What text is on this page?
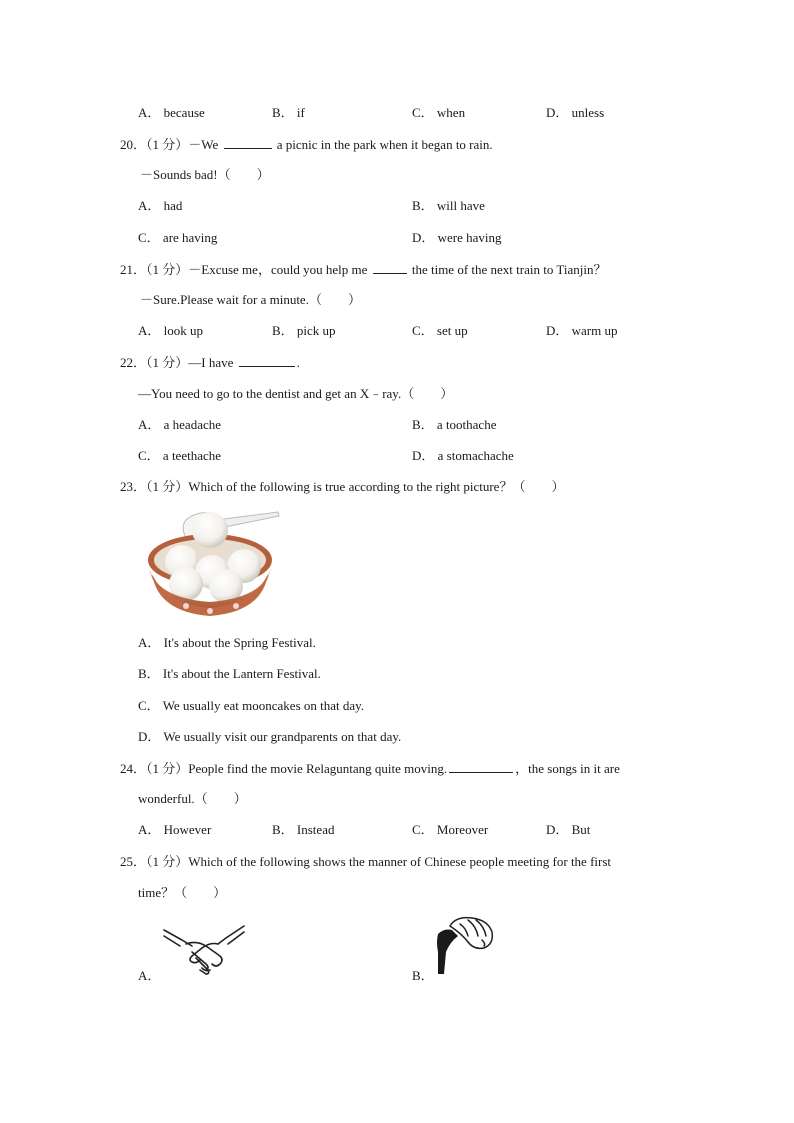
A． because	B． if	C． when	D． unless
20．（1 分）－We	a picnic in the park when it began to rain.
－Sounds bad!（ ）
A． had	B． will have
C． are having	D． were having
21．（1 分）－Excuse me，could you help me	the time of the next train to Tianjin？
－Sure.Please wait for a minute.（ ）
A． look up	B． pick up	C． set up	D． warm up
22．（1 分）—I have	.
—You need to go to the dentist and get an X﹣ray.（ ）
A． a headache	B． a toothache
C． a teethache	D． a stomachache
23．（1 分）Which of the following is true according to the right picture？（ ）
A． It's about the Spring Festival.
B． It's about the Lantern Festival.
C． We usually eat mooncakes on that day.
D． We usually visit our grandparents on that day.
24．（1 分）People find the movie Relaguntang quite moving.	，the songs in it are
wonderful.（ ）
A． However	B． Instead	C． Moreover	D． But
25．（1 分）Which of the following shows the manner of Chinese people meeting for the first
time？（ ）
A．	B．
